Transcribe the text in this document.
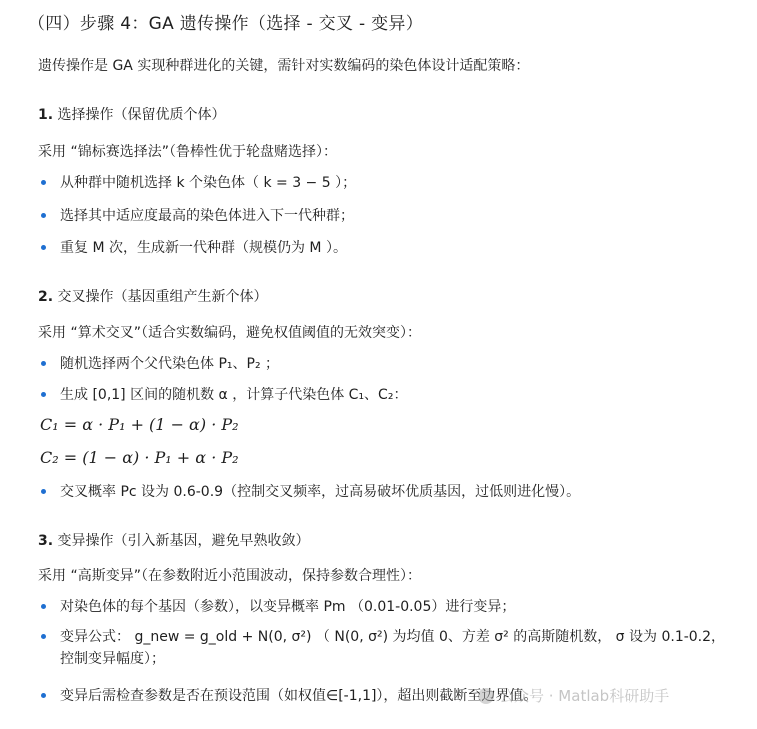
（四）步骤 4：GA 遗传操作（选择 - 交叉 - 变异）
遗传操作是 GA 实现种群进化的关键，需针对实数编码的染色体设计适配策略：
1. 选择操作（保留优质个体）
采用 “锦标赛选择法”（鲁棒性优于轮盘赌选择）：
从种群中随机选择 k 个染色体（ k = 3 − 5 ）；
选择其中适应度最高的染色体进入下一代种群；
重复 M 次，生成新一代种群（规模仍为 M ）。
2. 交叉操作（基因重组产生新个体）
采用 “算术交叉”（适合实数编码，避免权值阈值的无效突变）：
随机选择两个父代染色体 P₁、P₂ ；
生成 [0,1] 区间的随机数 α ，计算子代染色体 C₁、C₂：
C₁ = α · P₁ + (1 − α) · P₂
C₂ = (1 − α) · P₁ + α · P₂
交叉概率 Pc 设为 0.6-0.9（控制交叉频率，过高易破坏优质基因，过低则进化慢）。
3. 变异操作（引入新基因，避免早熟收敛）
采用 “高斯变异”（在参数附近小范围波动，保持参数合理性）：
对染色体的每个基因（参数），以变异概率 Pm （0.01-0.05）进行变异；
变异公式： g_new = g_old + N(0, σ²) （ N(0, σ²) 为均值 0、方差 σ² 的高斯随机数， σ 设为 0.1-0.2，控制变异幅度）；
变异后需检查参数是否在预设范围（如权值∈[-1,1]），超出则截断至边界值。
公众号 · Matlab科研助手
